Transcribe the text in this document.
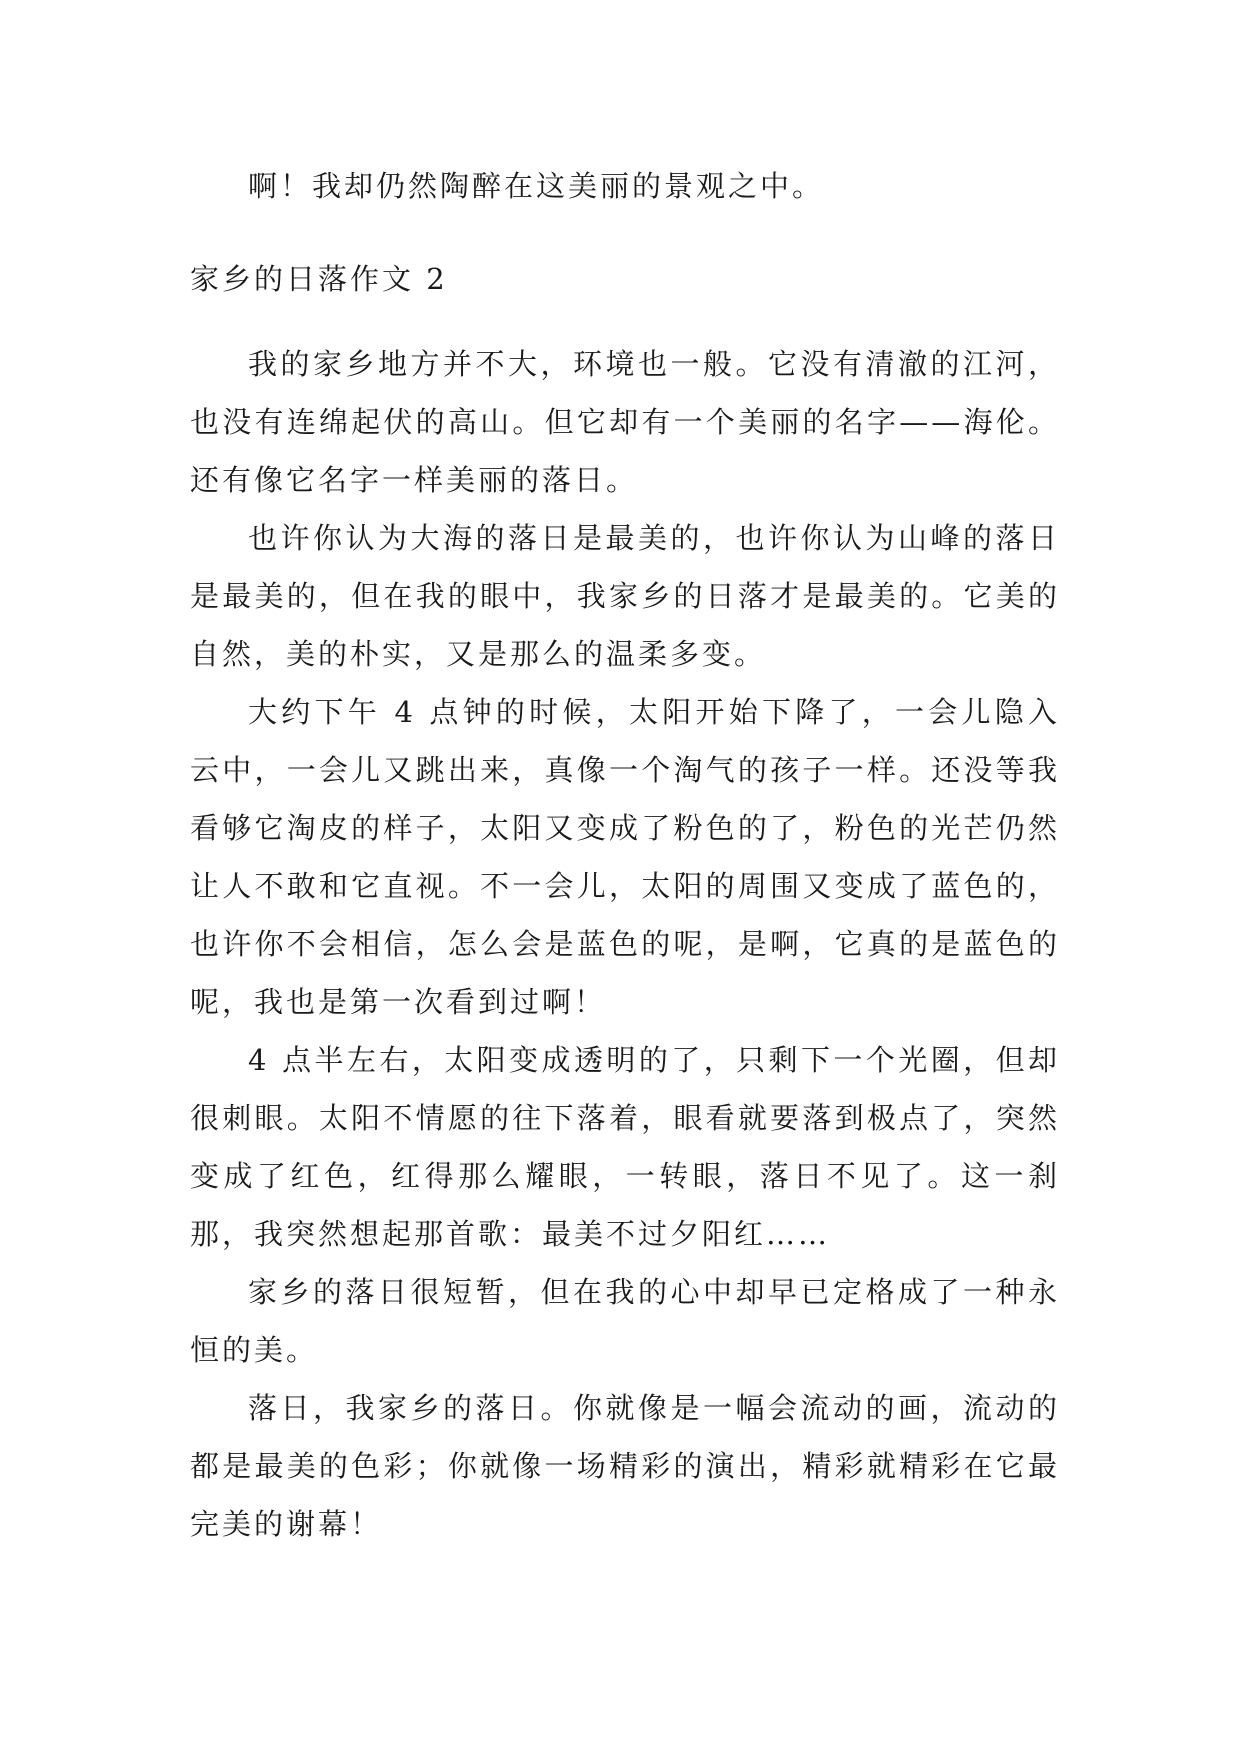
啊！我却仍然陶醉在这美丽的景观之中。

家乡的日落作文 2

我的家乡地方并不大，环境也一般。它没有清澈的江河，也没有连绵起伏的高山。但它却有一个美丽的名字——海伦。还有像它名字一样美丽的落日。

也许你认为大海的落日是最美的，也许你认为山峰的落日是最美的，但在我的眼中，我家乡的日落才是最美的。它美的自然，美的朴实，又是那么的温柔多变。

大约下午 4 点钟的时候，太阳开始下降了，一会儿隐入云中，一会儿又跳出来，真像一个淘气的孩子一样。还没等我看够它淘皮的样子，太阳又变成了粉色的了，粉色的光芒仍然让人不敢和它直视。不一会儿，太阳的周围又变成了蓝色的，也许你不会相信，怎么会是蓝色的呢，是啊，它真的是蓝色的呢，我也是第一次看到过啊！

4 点半左右，太阳变成透明的了，只剩下一个光圈，但却很刺眼。太阳不情愿的往下落着，眼看就要落到极点了，突然变成了红色，红得那么耀眼，一转眼，落日不见了。这一刹那，我突然想起那首歌：最美不过夕阳红……

家乡的落日很短暂，但在我的心中却早已定格成了一种永恒的美。

落日，我家乡的落日。你就像是一幅会流动的画，流动的都是最美的色彩；你就像一场精彩的演出，精彩就精彩在它最完美的谢幕！
